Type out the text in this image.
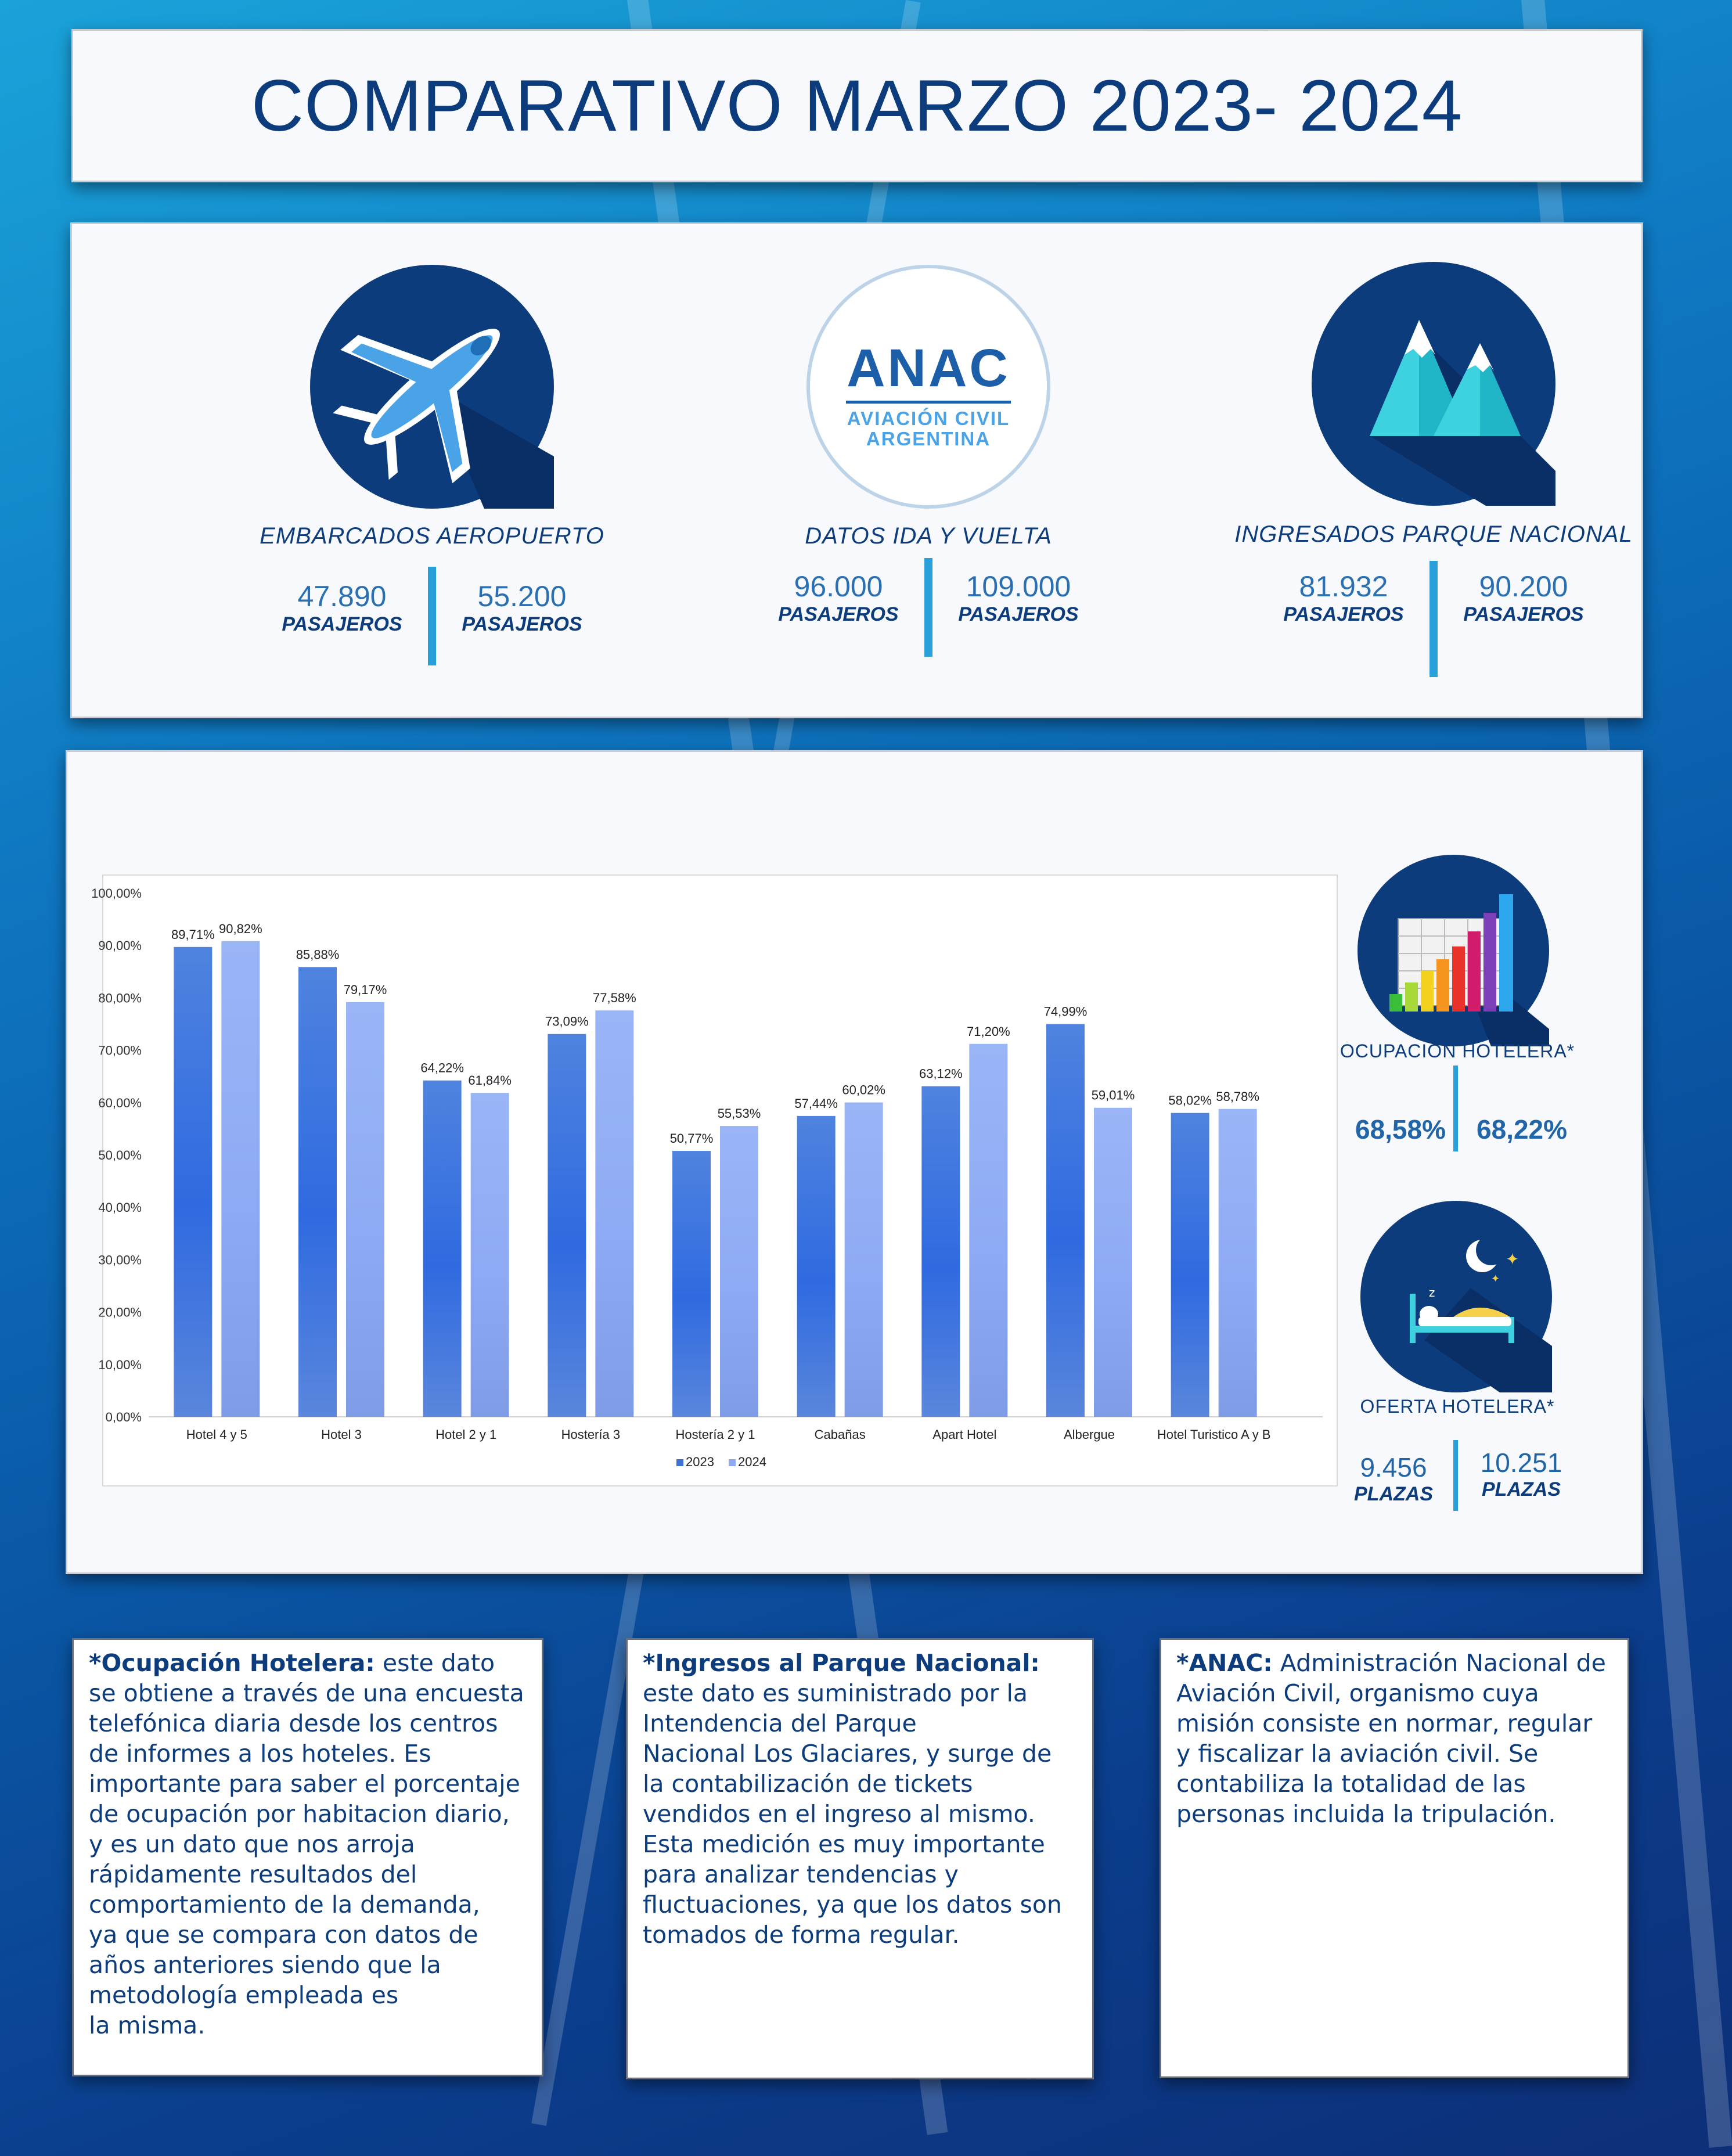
COMPARATIVO MARZO 2023- 2024
EMBARCADOS AEROPUERTO
47.890
PASAJEROS
55.200
PASAJEROS
ANAC
AVIACIÓN CIVIL
ARGENTINA
DATOS IDA Y VUELTA
96.000
PASAJEROS
109.000
PASAJEROS
INGRESADOS PARQUE NACIONAL
81.932
PASAJEROS
90.200
PASAJEROS
0,00%
10,00%
20,00%
30,00%
40,00%
50,00%
60,00%
70,00%
80,00%
90,00%
100,00%
89,71% 90,82%
Hotel 4 y 5
85,88%
79,17%
Hotel 3
64,22%
61,84%
Hotel 2 y 1
73,09%
77,58%
Hostería 3
50,77%
55,53%
Hostería 2 y 1
57,44%
60,02%
Cabañas
63,12%
71,20%
Apart Hotel
74,99%
59,01%
Albergue
58,02% 58,78%
Hotel Turistico A y B
2023 2024
OCUPACION HOTELERA*
68,58% 68,22%
✦
✦
z
OFERTA HOTELERA*
9.456
PLAZAS
10.251
PLAZAS
*Ocupación Hotelera: este dato se obtiene a través de una encuesta telefónica diaria desde los centros de informes a los hoteles. Es importante para saber el porcentaje de ocupación por habitacion diario, y es un dato que nos arroja rápidamente resultados del comportamiento de la demanda,
ya que se compara con datos de años anteriores siendo que la metodología empleada es
la misma.
*Ingresos al Parque Nacional:
este dato es suministrado por la Intendencia del Parque
Nacional Los Glaciares, y surge de la contabilización de tickets vendidos en el ingreso al mismo. Esta medición es muy importante para analizar tendencias y fluctuaciones, ya que los datos son tomados de forma regular.
*ANAC: Administración Nacional de Aviación Civil, organismo cuya misión consiste en normar, regular y fiscalizar la aviación civil. Se contabiliza la totalidad de las personas incluida la tripulación.
